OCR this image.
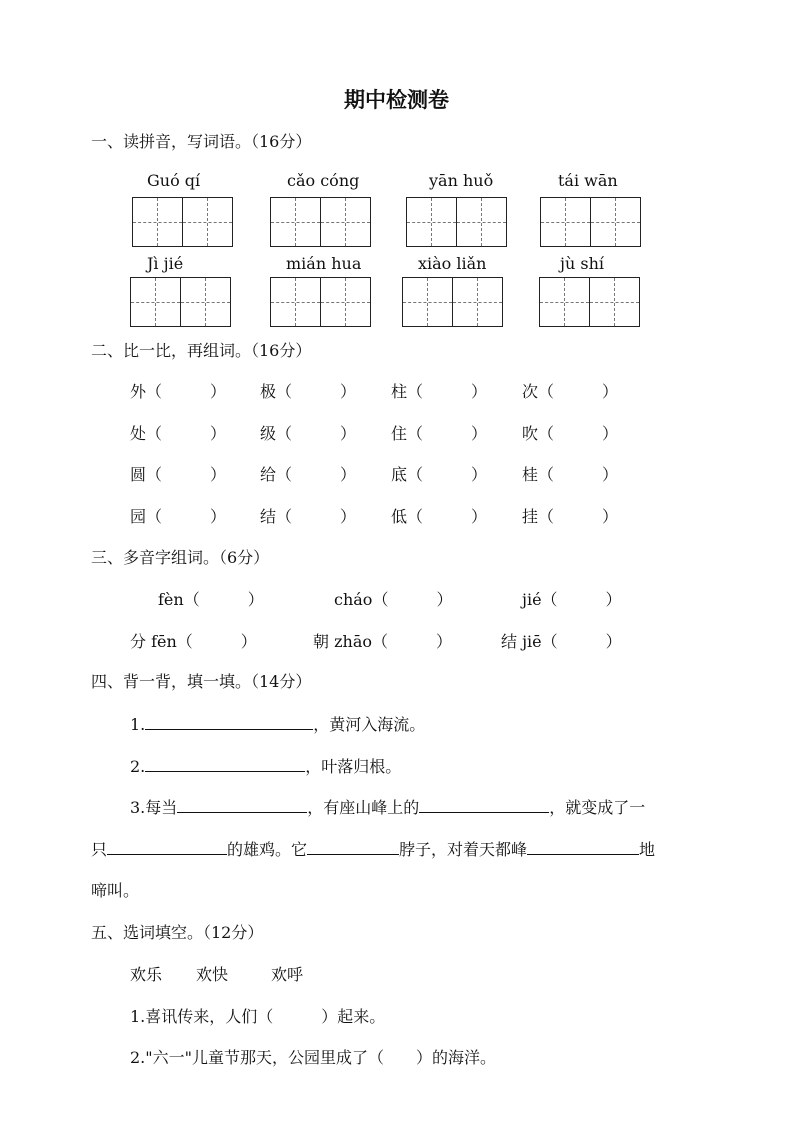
期中检测卷
一、读拼音，写词语。（16分）
Guó qí	cǎo cóng	yān huǒ	tái wān
Jì jié	mián hua	xiào liǎn	jù shí
二、比一比，再组词。（16分）
外（　　　） 极（　　　） 柱（　　　） 次（　　　）
处（　　　） 级（　　　） 住（　　　） 吹（　　　）
圆（　　　） 给（　　　） 底（　　　） 桂（　　　）
园（　　　） 结（　　　） 低（　　　） 挂（　　　）
三、多音字组词。（6分）
fèn（　　　）	cháo（　　　）	jié（　　　）
分 fēn（　　　）	朝 zhāo（　　　）	结 jiē（　　　）
四、背一背，填一填。（14分）
1.	，黄河入海流。
2.	，叶落归根。
3.每当	，有座山峰上的	，就变成了一
只	的雄鸡。它	脖子，对着天都峰	地
啼叫。
五、选词填空。（12分）
欢乐 欢快	欢呼
1.喜讯传来，人们（　　　）起来。
2."六一"儿童节那天，公园里成了（　　）的海洋。
